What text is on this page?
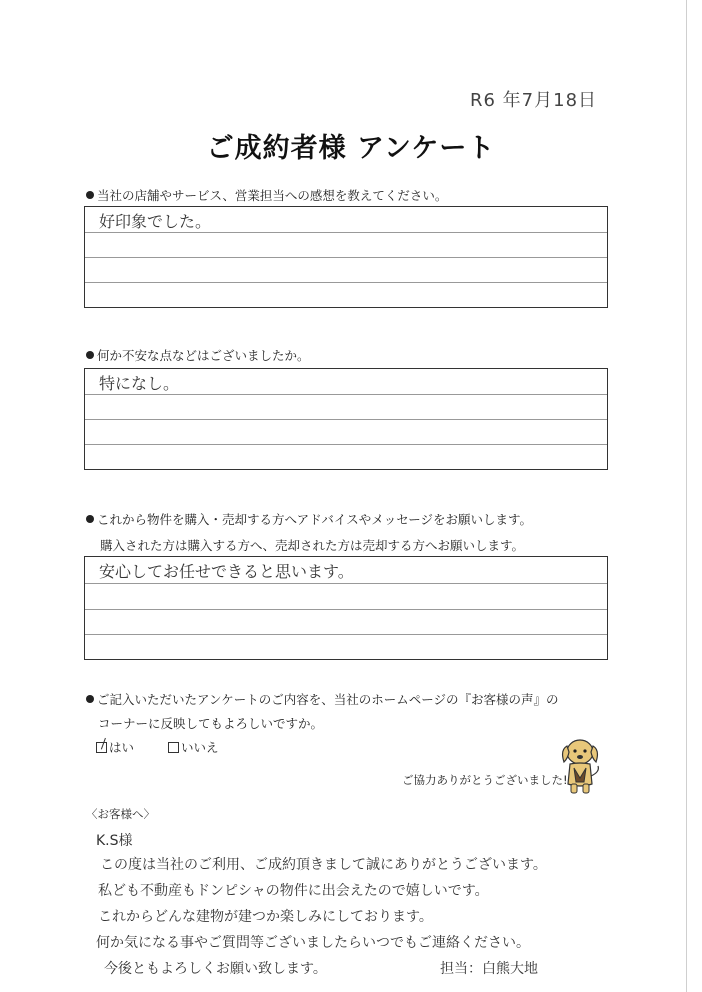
R6 年7月18日
ご成約者様 アンケート
当社の店舗やサービス、営業担当への感想を教えてください。
好印象でした。
何か不安な点などはございましたか。
特になし。
これから物件を購入・売却する方へアドバイスやメッセージをお願いします。
購入された方は購入する方へ、売却された方は売却する方へお願いします。
安心してお任せできると思います。
ご記入いただいたアンケートのご内容を、当社のホームページの『お客様の声』の
コーナーに反映してもよろしいですか。
はい	いいえ
ご協力ありがとうございました!
〈お客様へ〉
K.S様
この度は当社のご利用、ご成約頂きまして誠にありがとうございます。
私ども不動産もドンピシャの物件に出会えたので嬉しいです。
これからどんな建物が建つか楽しみにしております。
何か気になる事やご質問等ございましたらいつでもご連絡ください。
今後ともよろしくお願い致します。	担当：白熊大地
